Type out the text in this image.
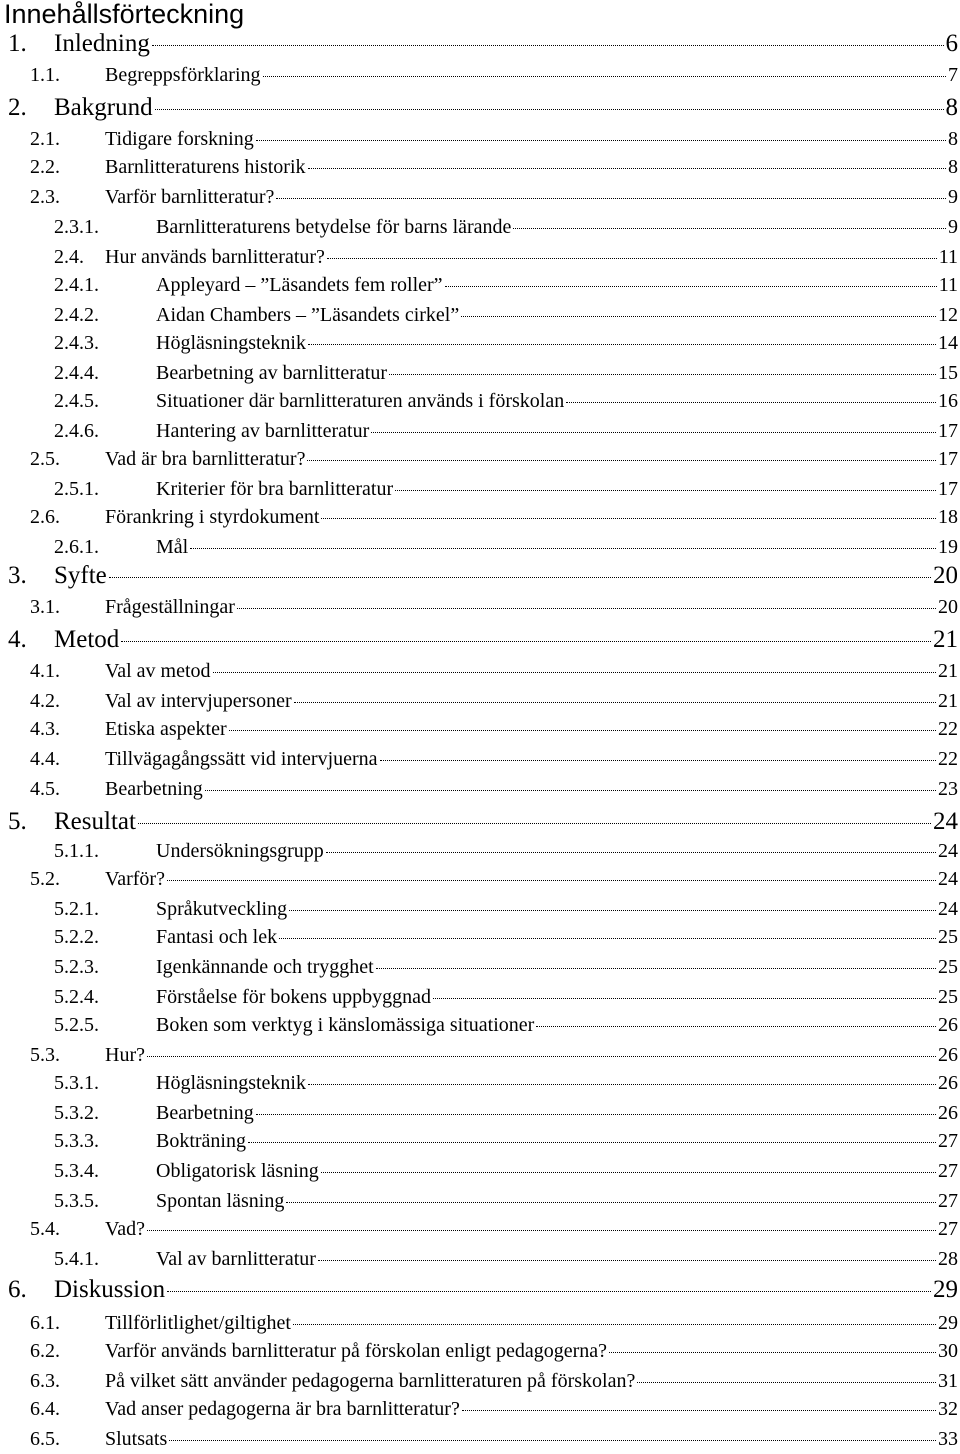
Innehållsförteckning
1.	Inledning	6
1.1.	Begreppsförklaring	7
2.	Bakgrund	8
2.1.	Tidigare forskning	8
2.2.	Barnlitteraturens historik	8
2.3.	Varför barnlitteratur?	9
2.3.1.	Barnlitteraturens betydelse för barns lärande	9
2.4.	Hur används barnlitteratur?	11
2.4.1.	Appleyard – ”Läsandets fem roller”	11
2.4.2.	Aidan Chambers – ”Läsandets cirkel”	12
2.4.3.	Högläsningsteknik	14
2.4.4.	Bearbetning av barnlitteratur	15
2.4.5.	Situationer där barnlitteraturen används i förskolan	16
2.4.6.	Hantering av barnlitteratur	17
2.5.	Vad är bra barnlitteratur?	17
2.5.1.	Kriterier för bra barnlitteratur	17
2.6.	Förankring i styrdokument	18
2.6.1.	Mål	19
3.	Syfte	20
3.1.	Frågeställningar	20
4.	Metod	21
4.1.	Val av metod	21
4.2.	Val av intervjupersoner	21
4.3.	Etiska aspekter	22
4.4.	Tillvägagångssätt vid intervjuerna	22
4.5.	Bearbetning	23
5.	Resultat	24
5.1.1.	Undersökningsgrupp	24
5.2.	Varför?	24
5.2.1.	Språkutveckling	24
5.2.2.	Fantasi och lek	25
5.2.3.	Igenkännande och trygghet	25
5.2.4.	Förståelse för bokens uppbyggnad	25
5.2.5.	Boken som verktyg i känslomässiga situationer	26
5.3.	Hur?	26
5.3.1.	Högläsningsteknik	26
5.3.2.	Bearbetning	26
5.3.3.	Bokträning	27
5.3.4.	Obligatorisk läsning	27
5.3.5.	Spontan läsning	27
5.4.	Vad?	27
5.4.1.	Val av barnlitteratur	28
6.	Diskussion	29
6.1.	Tillförlitlighet/giltighet	29
6.2.	Varför används barnlitteratur på förskolan enligt pedagogerna?	30
6.3.	På vilket sätt använder pedagogerna barnlitteraturen på förskolan?	31
6.4.	Vad anser pedagogerna är bra barnlitteratur?	32
6.5.	Slutsats	33
